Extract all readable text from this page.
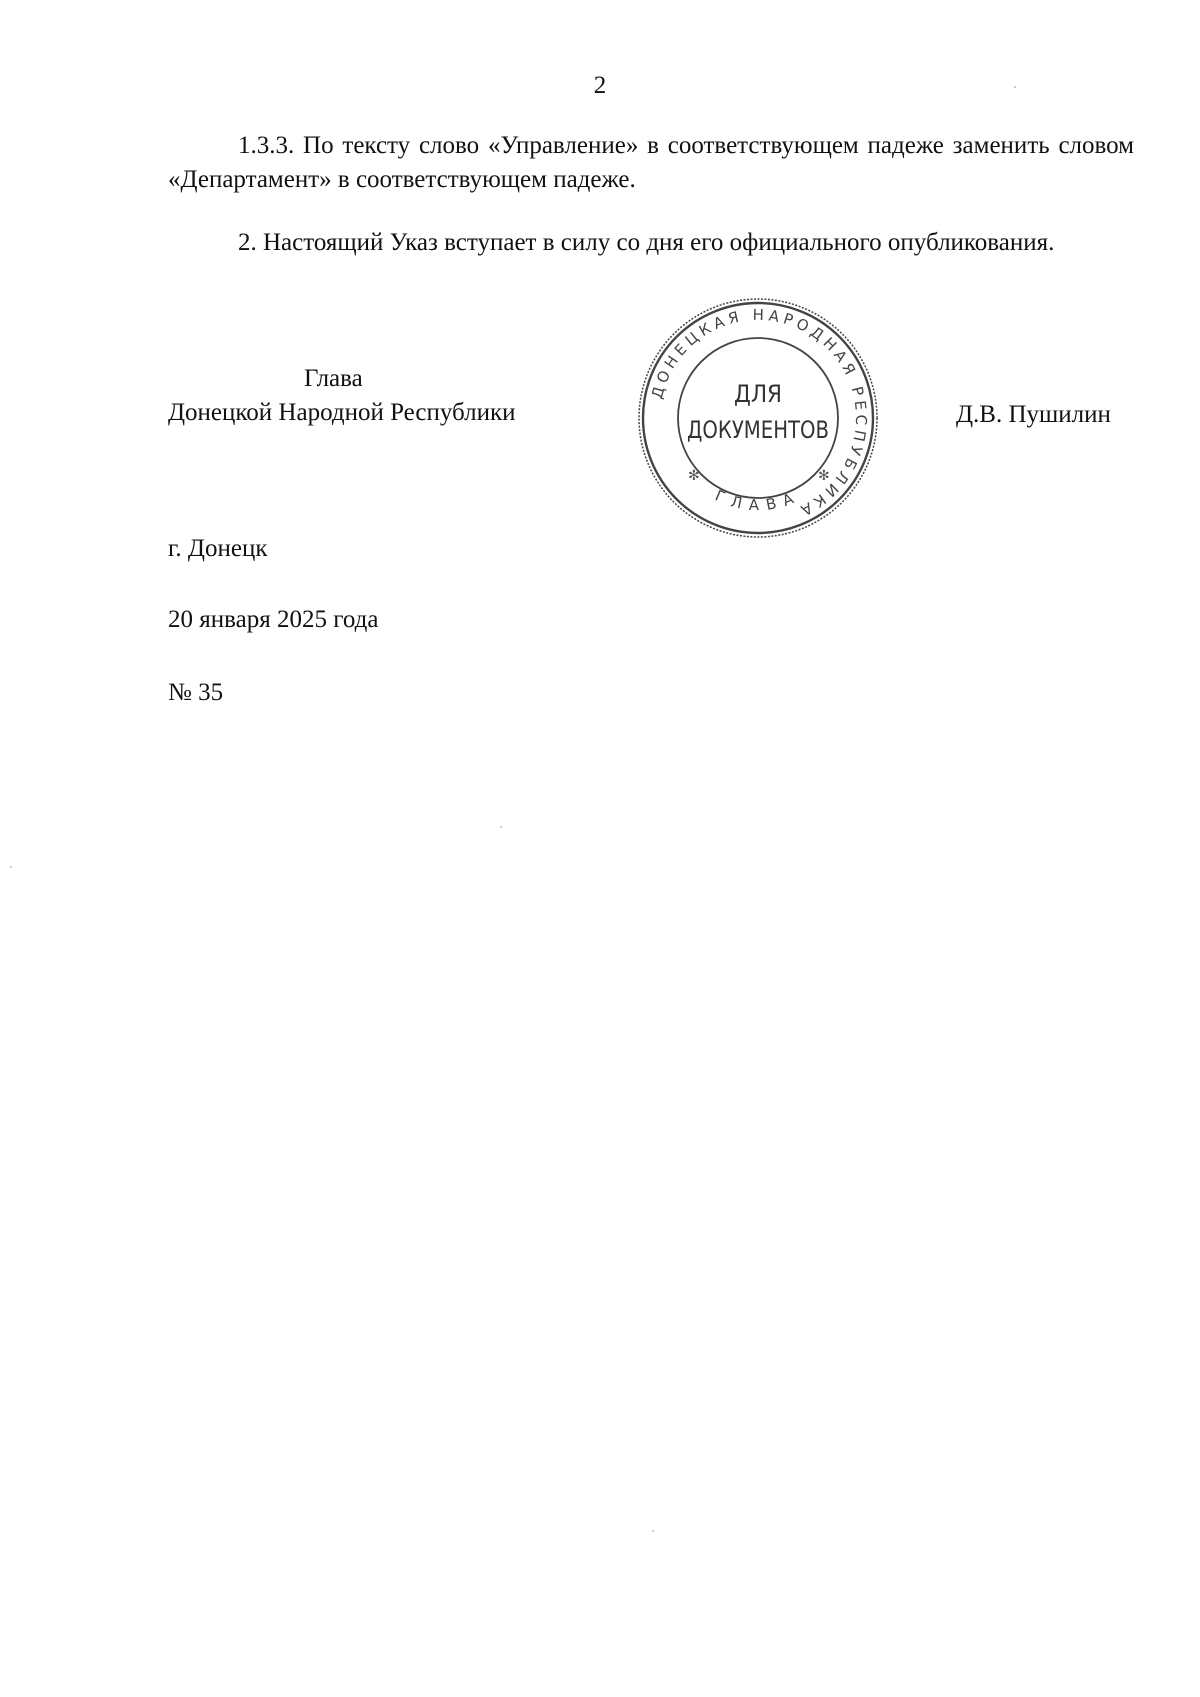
2
1.3.3. По тексту слово «Управление» в соответствующем падеже заменить словом «Департамент» в соответствующем падеже.
2. Настоящий Указ вступает в силу со дня его официального опубликования.
Глава
Донецкой Народной Республики	Д.В. Пушилин
ДОНЕЦКАЯ НАРОДНАЯ РЕСПУБЛИКА
ГЛАВА
✻	✻
ДЛЯ
ДОКУМЕНТОВ
г. Донецк
20 января 2025 года
№ 35
